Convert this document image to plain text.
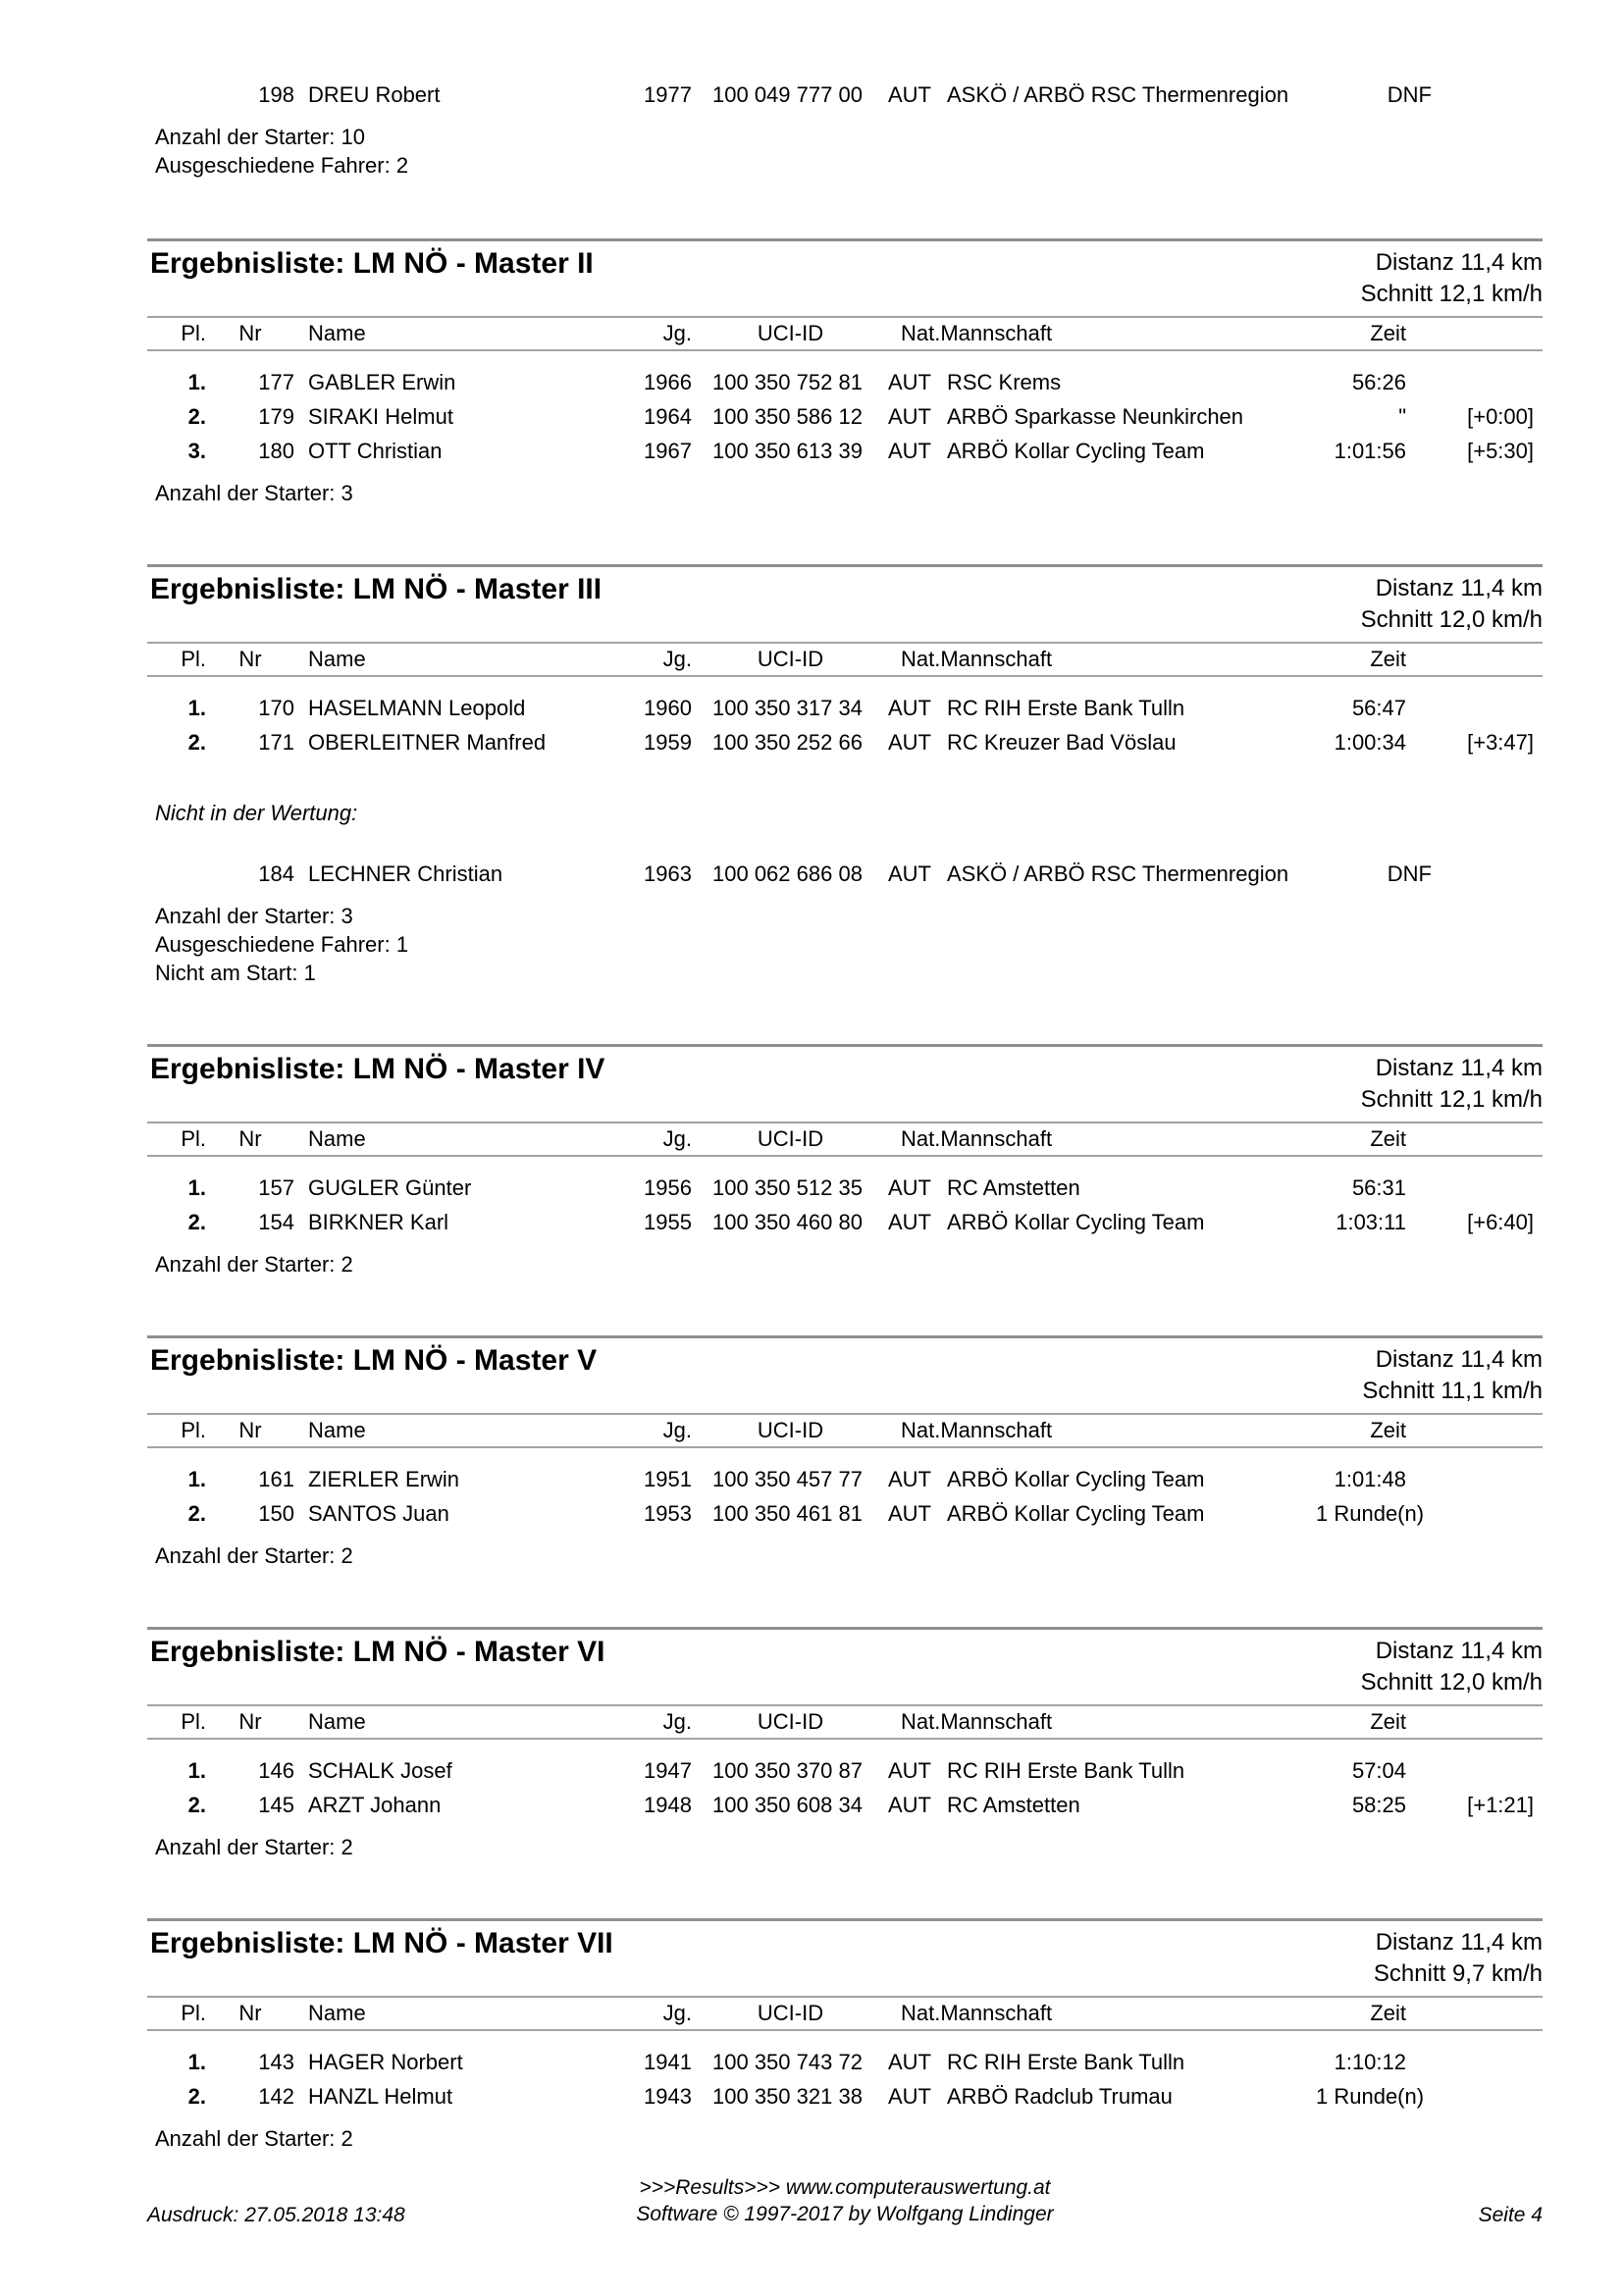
198 DREU Robert	1977 100 049 777 00	AUT ASKÖ / ARBÖ RSC Thermenregion	DNF
Anzahl der Starter: 10
Ausgeschiedene Fahrer: 2
Ergebnisliste: LM NÖ - Master II	Distanz 11,4 km
Schnitt 12,1 km/h
Pl.	Nr	Name	Jg.	UCI-ID	Nat.Mannschaft	Zeit
1.	177 GABLER Erwin	1966 100 350 752 81	AUT RSC Krems	56:26
2.	179 SIRAKI Helmut	1964 100 350 586 12	AUT ARBÖ Sparkasse Neunkirchen	"	[+0:00]
3.	180 OTT Christian	1967 100 350 613 39	AUT ARBÖ Kollar Cycling Team	1:01:56	[+5:30]
Anzahl der Starter: 3
Ergebnisliste: LM NÖ - Master III	Distanz 11,4 km
Schnitt 12,0 km/h
Pl.	Nr	Name	Jg.	UCI-ID	Nat.Mannschaft	Zeit
1.	170 HASELMANN Leopold	1960 100 350 317 34	AUT RC RIH Erste Bank Tulln	56:47
2.	171 OBERLEITNER Manfred	1959 100 350 252 66	AUT RC Kreuzer Bad Vöslau	1:00:34	[+3:47]
Nicht in der Wertung:
184 LECHNER Christian	1963 100 062 686 08	AUT ASKÖ / ARBÖ RSC Thermenregion	DNF
Anzahl der Starter: 3
Ausgeschiedene Fahrer: 1
Nicht am Start: 1
Ergebnisliste: LM NÖ - Master IV	Distanz 11,4 km
Schnitt 12,1 km/h
Pl.	Nr	Name	Jg.	UCI-ID	Nat.Mannschaft	Zeit
1.	157 GUGLER Günter	1956 100 350 512 35	AUT RC Amstetten	56:31
2.	154 BIRKNER Karl	1955 100 350 460 80	AUT ARBÖ Kollar Cycling Team	1:03:11	[+6:40]
Anzahl der Starter: 2
Ergebnisliste: LM NÖ - Master V	Distanz 11,4 km
Schnitt 11,1 km/h
Pl.	Nr	Name	Jg.	UCI-ID	Nat.Mannschaft	Zeit
1.	161 ZIERLER Erwin	1951 100 350 457 77	AUT ARBÖ Kollar Cycling Team	1:01:48
2.	150 SANTOS Juan	1953 100 350 461 81	AUT ARBÖ Kollar Cycling Team	1 Runde(n)
Anzahl der Starter: 2
Ergebnisliste: LM NÖ - Master VI	Distanz 11,4 km
Schnitt 12,0 km/h
Pl.	Nr	Name	Jg.	UCI-ID	Nat.Mannschaft	Zeit
1.	146 SCHALK Josef	1947 100 350 370 87	AUT RC RIH Erste Bank Tulln	57:04
2.	145 ARZT Johann	1948 100 350 608 34	AUT RC Amstetten	58:25	[+1:21]
Anzahl der Starter: 2
Ergebnisliste: LM NÖ - Master VII	Distanz 11,4 km
Schnitt 9,7 km/h
Pl.	Nr	Name	Jg.	UCI-ID	Nat.Mannschaft	Zeit
1.	143 HAGER Norbert	1941 100 350 743 72	AUT RC RIH Erste Bank Tulln	1:10:12
2.	142 HANZL Helmut	1943 100 350 321 38	AUT ARBÖ Radclub Trumau	1 Runde(n)
Anzahl der Starter: 2
>>>Results>>> www.computerauswertung.at
Software © 1997-2017 by Wolfgang Lindinger
Ausdruck: 27.05.2018 13:48	Seite 4
